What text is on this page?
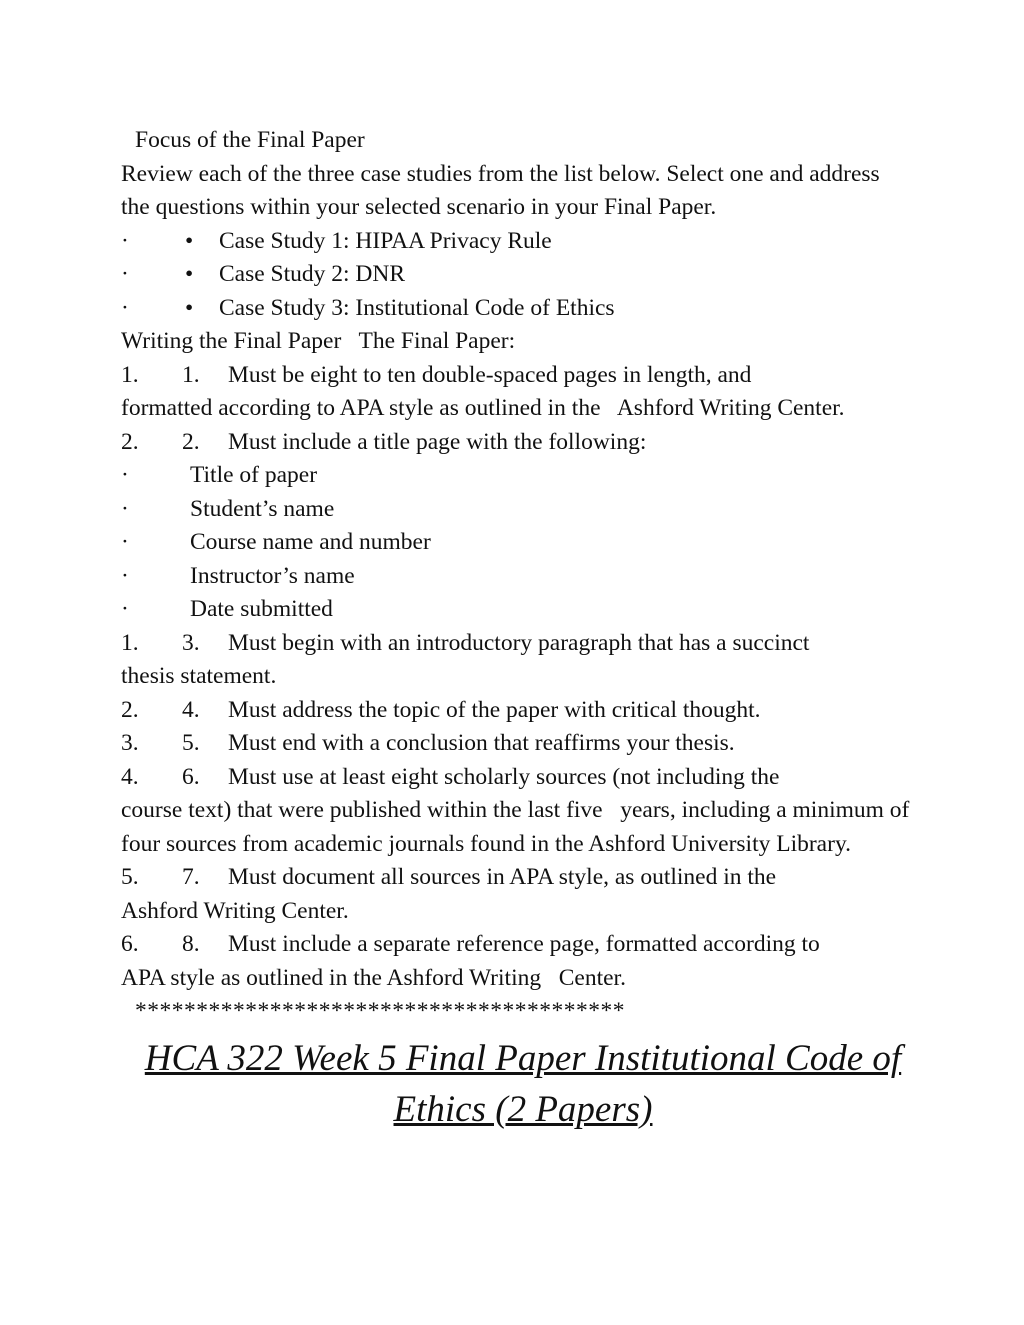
Focus of the Final Paper
Review each of the three case studies from the list below. Select one and address the questions within your selected scenario in your Final Paper.
·	•	Case Study 1: HIPAA Privacy Rule
·	•	Case Study 2: DNR
·	•	Case Study 3: Institutional Code of Ethics
Writing the Final Paper   The Final Paper:
1.	1.	Must be eight to ten double-spaced pages in length, and
formatted according to APA style as outlined in the   Ashford Writing Center.
2.	2.	Must include a title page with the following:
·	Title of paper
·	Student’s name
·	Course name and number
·	Instructor’s name
·	Date submitted
1.	3.	Must begin with an introductory paragraph that has a succinct
thesis statement.
2.	4.	Must address the topic of the paper with critical thought.
3.	5.	Must end with a conclusion that reaffirms your thesis.
4.	6.	Must use at least eight scholarly sources (not including the
course text) that were published within the last five   years, including a minimum of four sources from academic journals found in the Ashford University Library.
5.	7.	Must document all sources in APA style, as outlined in the
Ashford Writing Center.
6.	8.	Must include a separate reference page, formatted according to
APA style as outlined in the Ashford Writing   Center.
****************************************
HCA 322 Week 5 Final Paper Institutional Code of Ethics (2 Papers)
